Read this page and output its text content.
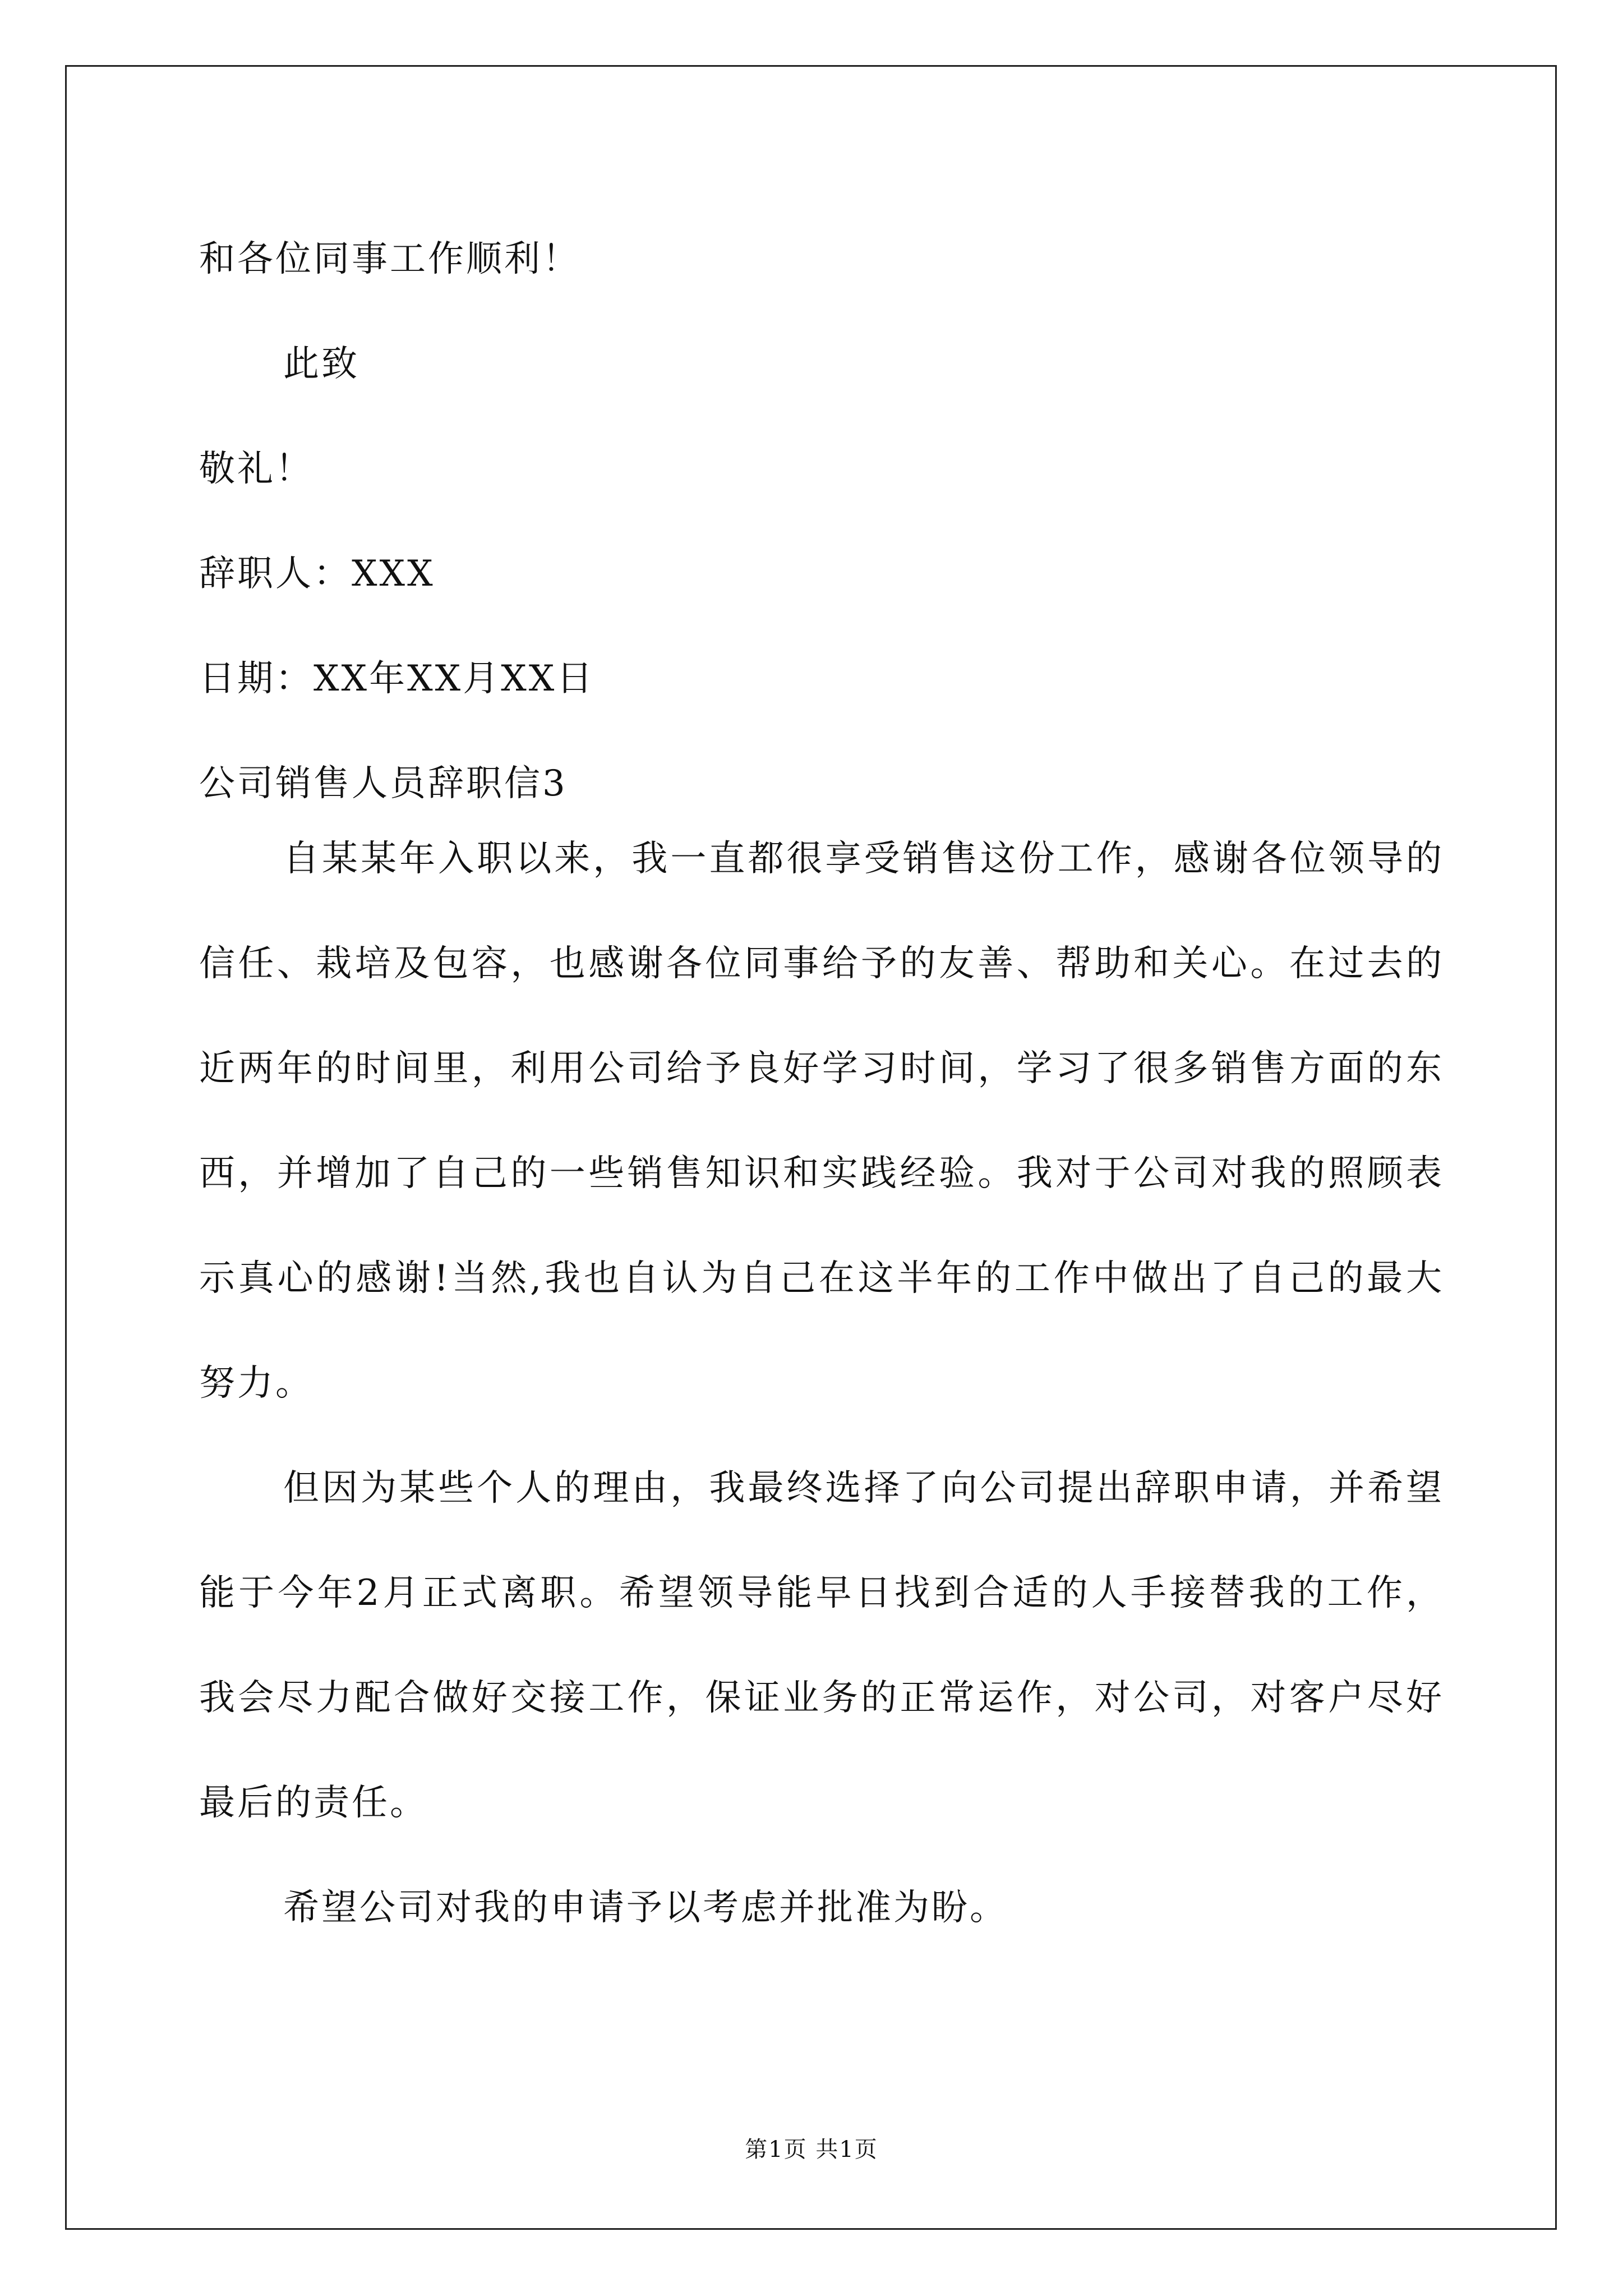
和各位同事工作顺利！
此致
敬礼！
辞职人：XXX
日期：XX年XX月XX日
公司销售人员辞职信3
自某某年入职以来，我一直都很享受销售这份工作，感谢各位领导的信任、栽培及包容，也感谢各位同事给予的友善、帮助和关心。在过去的近两年的时间里，利用公司给予良好学习时间，学习了很多销售方面的东西，并增加了自己的一些销售知识和实践经验。我对于公司对我的照顾表示真心的感谢!当然,我也自认为自己在这半年的工作中做出了自己的最大努力。
但因为某些个人的理由，我最终选择了向公司提出辞职申请，并希望能于今年2月正式离职。希望领导能早日找到合适的人手接替我的工作，我会尽力配合做好交接工作，保证业务的正常运作，对公司，对客户尽好最后的责任。
希望公司对我的申请予以考虑并批准为盼。
第1页 共1页
